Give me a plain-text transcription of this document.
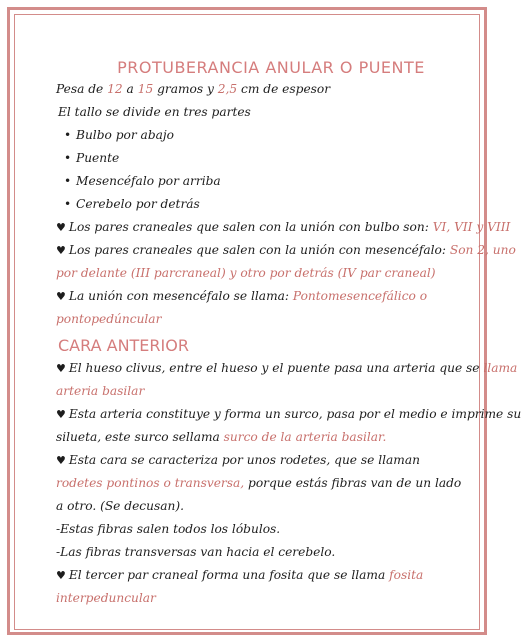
PROTUBERANCIA ANULAR O PUENTE
Pesa de 12 a 15 gramos y 2,5 cm de espesor
El tallo se divide en tres partes
• Bulbo por abajo
• Puente
• Mesencéfalo por arriba
• Cerebelo por detrás
♥ Los pares craneales que salen con la unión con bulbo son: VI, VII y VIII
♥ Los pares craneales que salen con la unión con mesencéfalo: Son 2, uno
por delante (III parcraneal) y otro por detrás (IV par craneal)
♥ La unión con mesencéfalo se llama: Pontomesencefálico o
pontopedúncular
CARA ANTERIOR
♥ El hueso clivus, entre el hueso y el puente pasa una arteria que se llama
arteria basilar
♥ Esta arteria constituye y forma un surco, pasa por el medio e imprime su
silueta, este surco sellama surco de la arteria basilar.
♥ Esta cara se caracteriza por unos rodetes, que se llaman
rodetes pontinos o transversa, porque estás fibras van de un lado
a otro. (Se decusan).
-Estas fibras salen todos los lóbulos.
-Las fibras transversas van hacia el cerebelo.
♥ El tercer par craneal forma una fosita que se llama fosita
interpeduncular
